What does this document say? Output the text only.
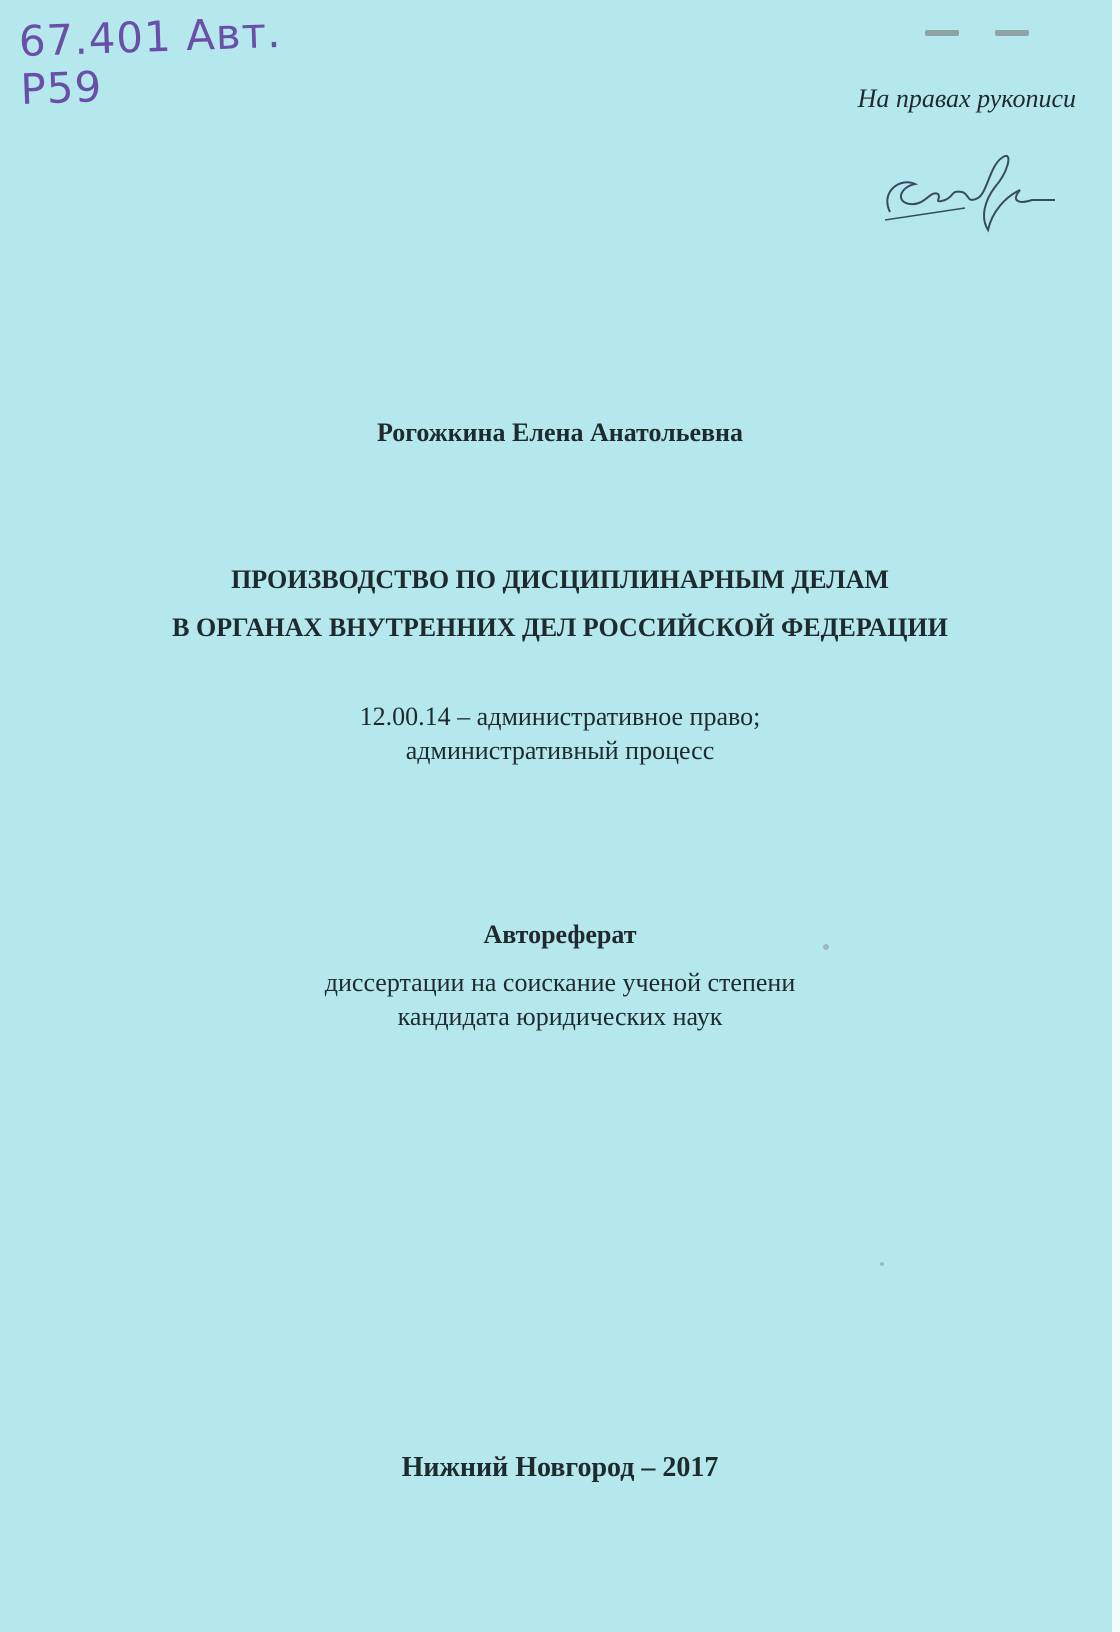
67.401 Авт.
Р59	На правах рукописи
Рогожкина Елена Анатольевна
ПРОИЗВОДСТВО ПО ДИСЦИПЛИНАРНЫМ ДЕЛАМ
В ОРГАНАХ ВНУТРЕННИХ ДЕЛ РОССИЙСКОЙ ФЕДЕРАЦИИ
12.00.14 – административное право;
административный процесс
Автореферат
диссертации на соискание ученой степени
кандидата юридических наук
Нижний Новгород – 2017
